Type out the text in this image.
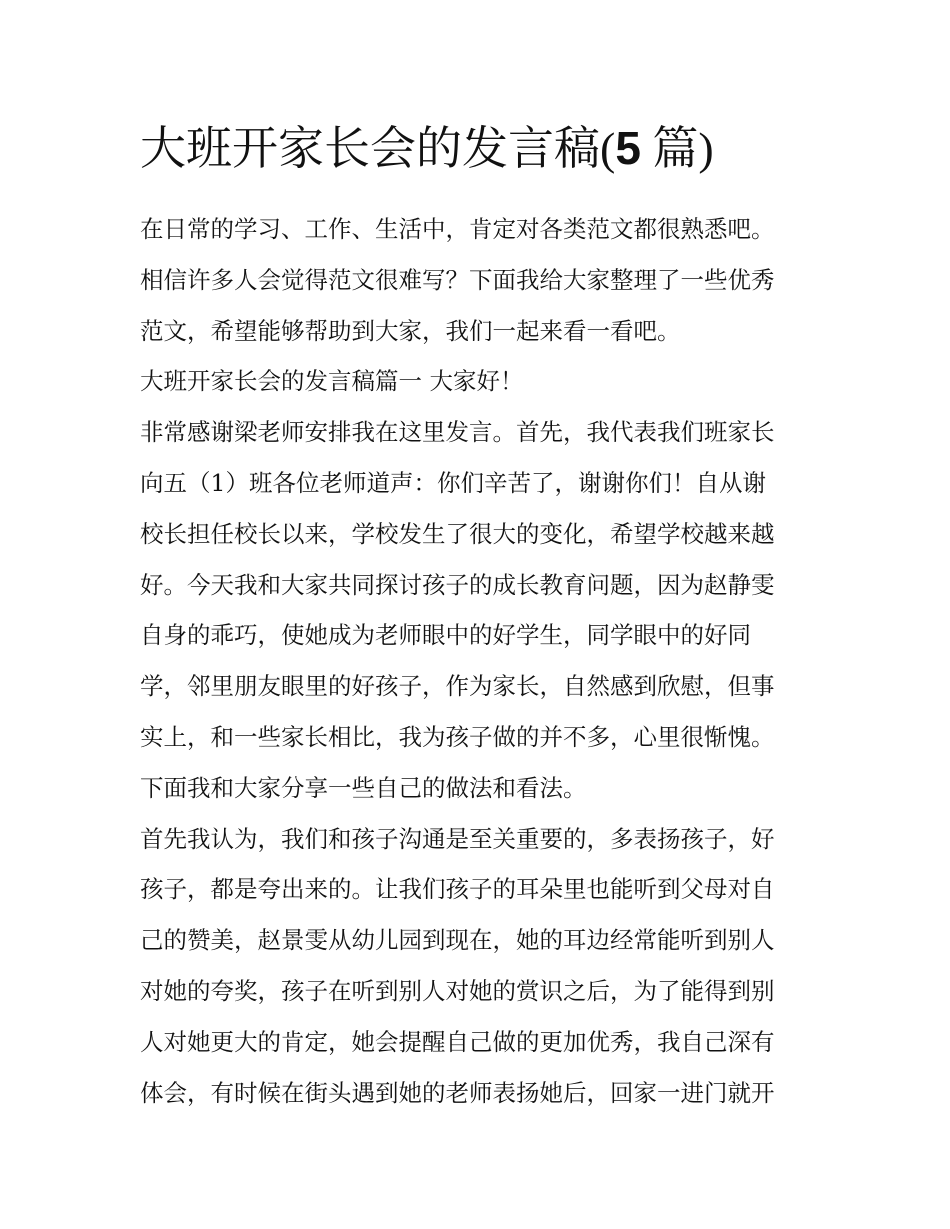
大班开家长会的发言稿(5 篇)
在日常的学习、工作、生活中，肯定对各类范文都很熟悉吧。
相信许多人会觉得范文很难写？下面我给大家整理了一些优秀
范文，希望能够帮助到大家，我们一起来看一看吧。
大班开家长会的发言稿篇一 大家好！
非常感谢梁老师安排我在这里发言。首先，我代表我们班家长
向五（1）班各位老师道声：你们辛苦了，谢谢你们！自从谢
校长担任校长以来，学校发生了很大的变化，希望学校越来越
好。今天我和大家共同探讨孩子的成长教育问题，因为赵静雯
自身的乖巧，使她成为老师眼中的好学生，同学眼中的好同
学，邻里朋友眼里的好孩子，作为家长，自然感到欣慰，但事
实上，和一些家长相比，我为孩子做的并不多，心里很惭愧。
下面我和大家分享一些自己的做法和看法。
首先我认为，我们和孩子沟通是至关重要的，多表扬孩子，好
孩子，都是夸出来的。让我们孩子的耳朵里也能听到父母对自
己的赞美，赵景雯从幼儿园到现在，她的耳边经常能听到别人
对她的夸奖，孩子在听到别人对她的赏识之后，为了能得到别
人对她更大的肯定，她会提醒自己做的更加优秀，我自己深有
体会，有时候在街头遇到她的老师表扬她后，回家一进门就开
